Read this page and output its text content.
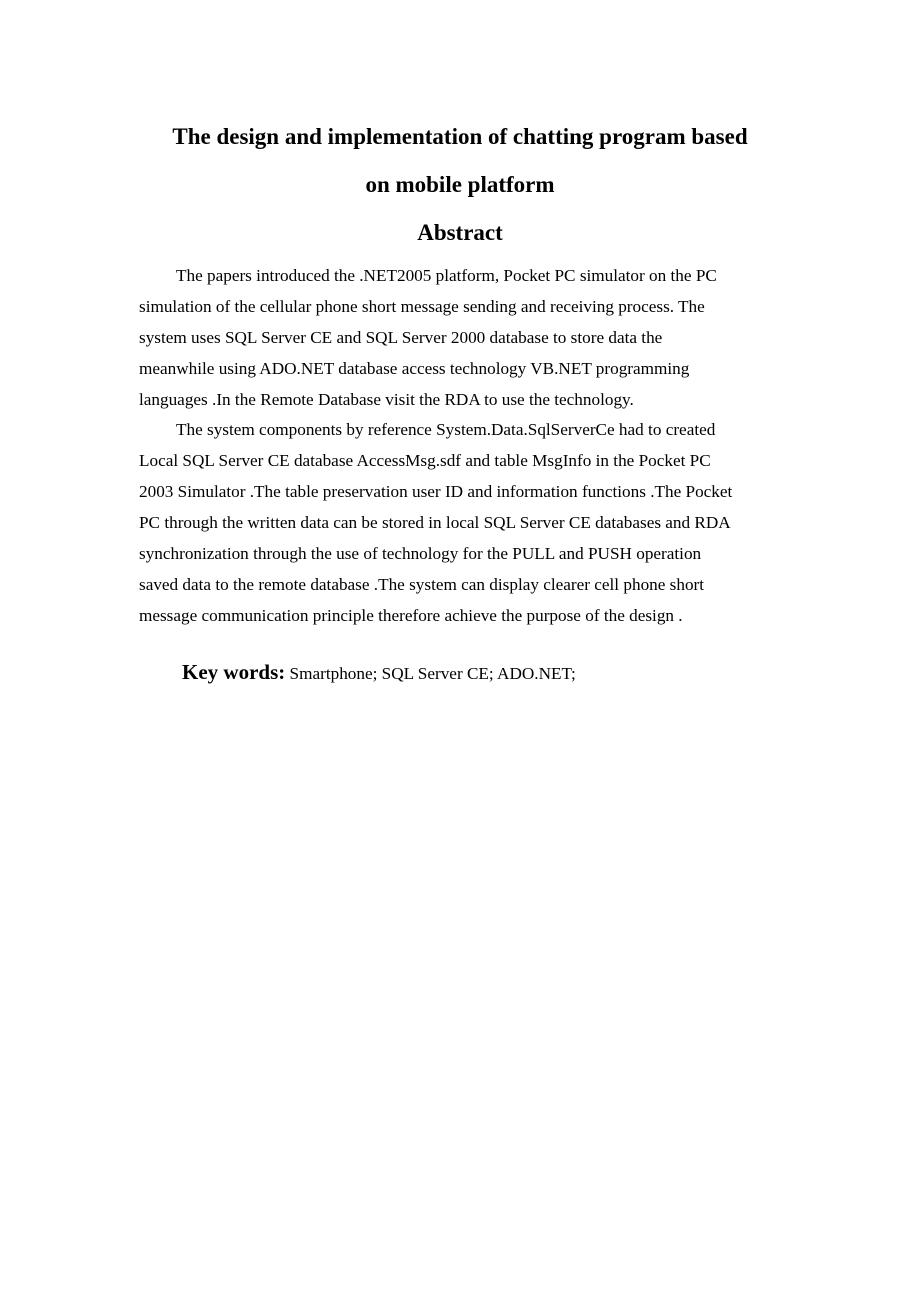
The design and implementation of chatting program based
on mobile platform
Abstract
The papers introduced the .NET2005 platform, Pocket PC simulator on the PC
simulation of the cellular phone short message sending and receiving process. The
system uses SQL Server CE and SQL Server 2000 database to store data the
meanwhile using ADO.NET database access technology VB.NET programming
languages .In the Remote Database visit the RDA to use the technology.
The system components by reference System.Data.SqlServerCe had to created
Local SQL Server CE database AccessMsg.sdf and table MsgInfo in the Pocket PC
2003 Simulator .The table preservation user ID and information functions .The Pocket
PC through the written data can be stored in local SQL Server CE databases and RDA
synchronization through the use of technology for the PULL and PUSH operation
saved data to the remote database .The system can display clearer cell phone short
message communication principle therefore achieve the purpose of the design .

Key words: Smartphone; SQL Server CE; ADO.NET;
